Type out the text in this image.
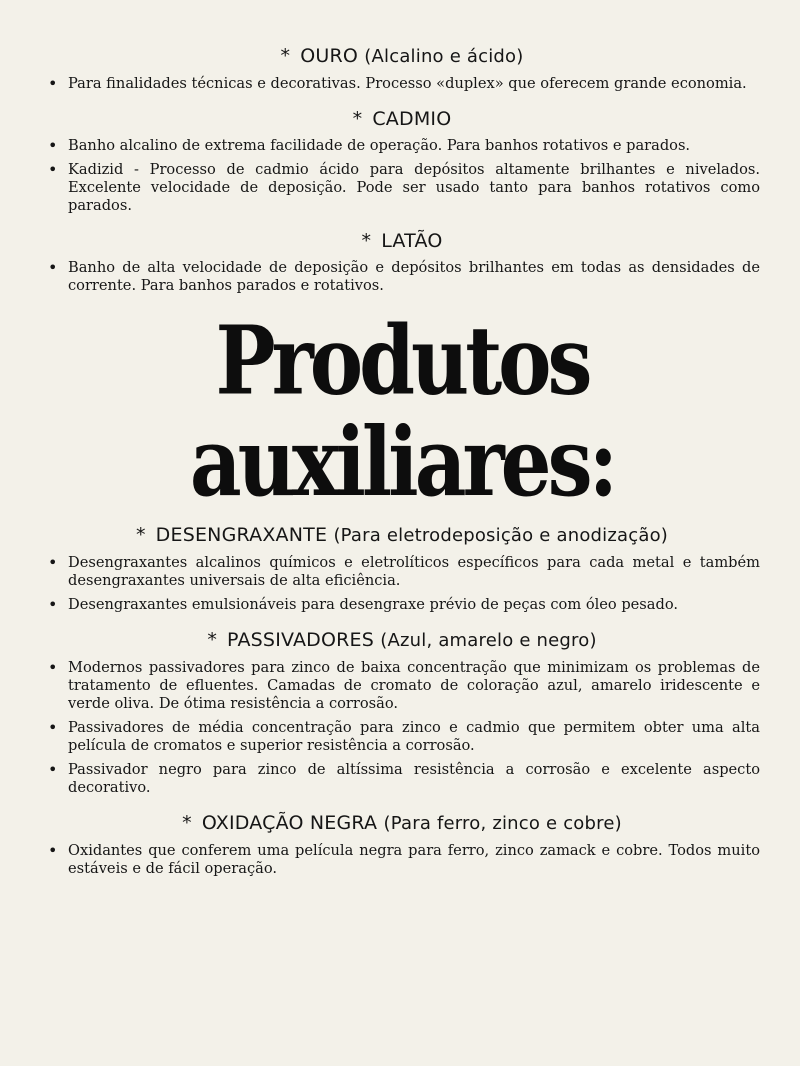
* OURO (Alcalino e ácido)
• Para finalidades técnicas e decorativas. Processo «duplex» que oferecem grande economia.
* CADMIO
• Banho alcalino de extrema facilidade de operação. Para banhos rotativos e parados.
• Kadizid - Processo de cadmio ácido para depósitos altamente brilhantes e nivelados. Excelente velocidade de deposição. Pode ser usado tanto para banhos rotativos como parados.
* LATÃO
• Banho de alta velocidade de deposição e depósitos brilhantes em todas as densidades de corrente. Para banhos parados e rotativos.
Produtos
auxiliares:
* DESENGRAXANTE (Para eletrodeposição e anodização)
• Desengraxantes alcalinos químicos e eletrolíticos específicos para cada metal e também desengraxantes universais de alta eficiência.
• Desengraxantes emulsionáveis para desengraxe prévio de peças com óleo pesado.
* PASSIVADORES (Azul, amarelo e negro)
• Modernos passivadores para zinco de baixa concentração que minimizam os problemas de tratamento de efluentes. Camadas de cromato de coloração azul, amarelo iridescente e verde oliva. De ótima resistência a corrosão.
• Passivadores de média concentração para zinco e cadmio que permitem obter uma alta película de cromatos e superior resistência a corrosão.
• Passivador negro para zinco de altíssima resistência a corrosão e excelente aspecto decorativo.
* OXIDAÇÃO NEGRA (Para ferro, zinco e cobre)
• Oxidantes que conferem uma película negra para ferro, zinco zamack e cobre. Todos muito estáveis e de fácil operação.
